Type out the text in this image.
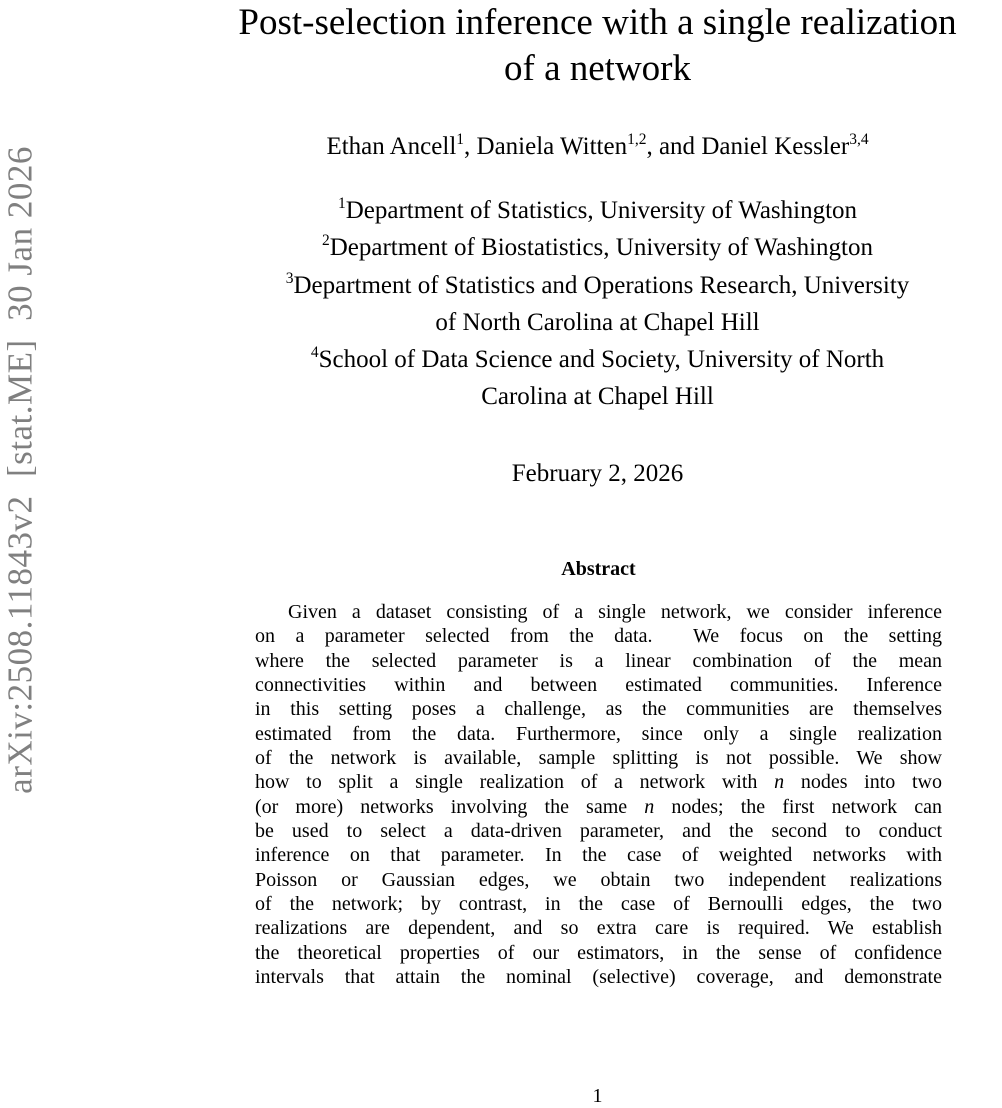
arXiv:2508.11843v2  [stat.ME]  30 Jan 2026
Post-selection inference with a single realization
of a network
Ethan Ancell$^1$, Daniela Witten$^{1,2}$, and Daniel Kessler$^{3,4}$
$^1$Department of Statistics, University of Washington
$^2$Department of Biostatistics, University of Washington
$^3$Department of Statistics and Operations Research, University
of North Carolina at Chapel Hill
$^4$School of Data Science and Society, University of North
Carolina at Chapel Hill
February 2, 2026
Abstract
Given a dataset consisting of a single network, we consider inference
on a parameter selected from the data.  We focus on the setting
where the selected parameter is a linear combination of the mean
connectivities within and between estimated communities. Inference
in this setting poses a challenge, as the communities are themselves
estimated from the data. Furthermore, since only a single realization
of the network is available, sample splitting is not possible. We show
how to split a single realization of a network with n nodes into two
(or more) networks involving the same n nodes; the first network can
be used to select a data-driven parameter, and the second to conduct
inference on that parameter. In the case of weighted networks with
Poisson or Gaussian edges, we obtain two independent realizations
of the network; by contrast, in the case of Bernoulli edges, the two
realizations are dependent, and so extra care is required. We establish
the theoretical properties of our estimators, in the sense of confidence
intervals that attain the nominal (selective) coverage, and demonstrate
1
